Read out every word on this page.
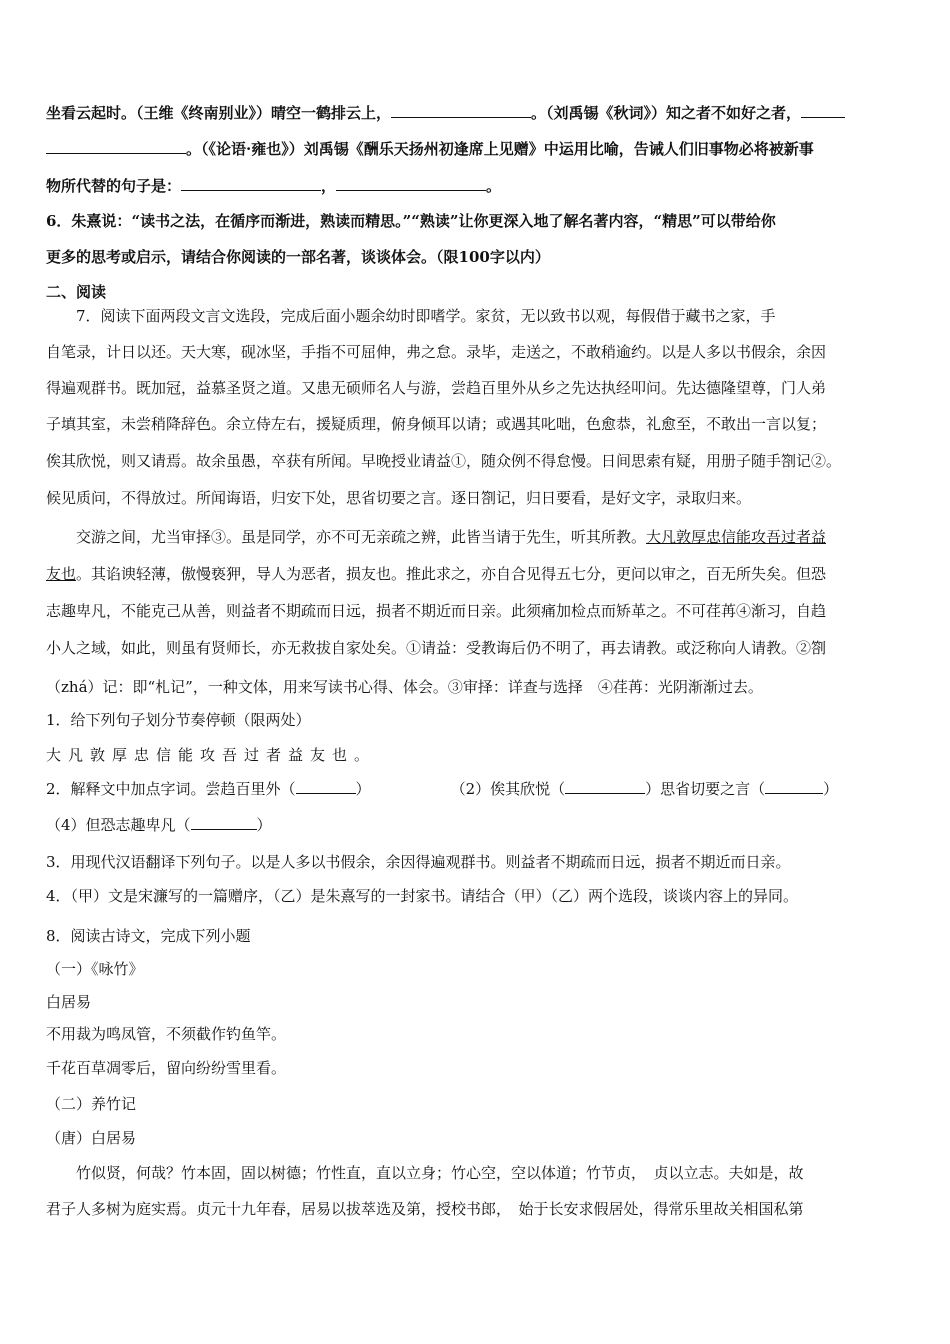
坐看云起时。（王维《终南别业》）晴空一鹤排云上，	。（刘禹锡《秋词》）知之者不如好之者，
。（《论语·雍也》）刘禹锡《酬乐天扬州初逢席上见赠》中运用比喻，告诫人们旧事物必将被新事
物所代替的句子是：	，	。
6．朱熹说：“读书之法，在循序而渐进，熟读而精思。”“熟读”让你更深入地了解名著内容，“精思”可以带给你
更多的思考或启示，请结合你阅读的一部名著，谈谈体会。（限100字以内）
二、阅读
7．阅读下面两段文言文选段，完成后面小题余幼时即嗜学。家贫，无以致书以观，每假借于藏书之家，手
自笔录，计日以还。天大寒，砚冰坚，手指不可屈伸，弗之怠。录毕，走送之，不敢稍逾约。以是人多以书假余，余因
得遍观群书。既加冠，益慕圣贤之道。又患无硕师名人与游，尝趋百里外从乡之先达执经叩问。先达德隆望尊，门人弟
子填其室，未尝稍降辞色。余立侍左右，援疑质理，俯身倾耳以请；或遇其叱咄，色愈恭，礼愈至，不敢出一言以复；
俟其欣悦，则又请焉。故余虽愚，卒获有所闻。早晚授业请益①，随众例不得怠慢。日间思索有疑，用册子随手劄记②。
候见质问，不得放过。所闻诲语，归安下处，思省切要之言。逐日劄记，归日要看，是好文字，录取归来。
交游之间，尤当审择③。虽是同学，亦不可无亲疏之辨，此皆当请于先生，听其所教。大凡敦厚忠信能攻吾过者益
友也。其谄谀轻薄，傲慢亵狎，导人为恶者，损友也。推此求之，亦自合见得五七分，更问以审之，百无所失矣。但恐
志趣卑凡，不能克己从善，则益者不期疏而日远，损者不期近而日亲。此须痛加检点而矫革之。不可荏苒④渐习，自趋
小人之域，如此，则虽有贤师长，亦无救拔自家处矣。①请益：受教诲后仍不明了，再去请教。或泛称向人请教。②劄
（zhá）记：即“札记”，一种文体，用来写读书心得、体会。③审择：详查与选择　④荏苒：光阴渐渐过去。
1．给下列句子划分节奏停顿（限两处）
大凡敦厚忠信能攻吾过者益友也。
2．解释文中加点字词。尝趋百里外（	）	（2）俟其欣悦（	）思省切要之言（	）
（4）但恐志趣卑凡（	）
3．用现代汉语翻译下列句子。以是人多以书假余，余因得遍观群书。则益者不期疏而日远，损者不期近而日亲。
4．（甲）文是宋濂写的一篇赠序，（乙）是朱熹写的一封家书。请结合（甲）（乙）两个选段，谈谈内容上的异同。
8．阅读古诗文，完成下列小题
（一）《咏竹》
白居易
不用裁为鸣凤管，不须截作钓鱼竿。
千花百草凋零后，留向纷纷雪里看。
（二）养竹记
（唐）白居易
竹似贤，何哉？竹本固，固以树德；竹性直，直以立身；竹心空，空以体道；竹节贞，　贞以立志。夫如是，故
君子人多树为庭实焉。贞元十九年春，居易以拔萃选及第，授校书郎，　始于长安求假居处，得常乐里故关相国私第
